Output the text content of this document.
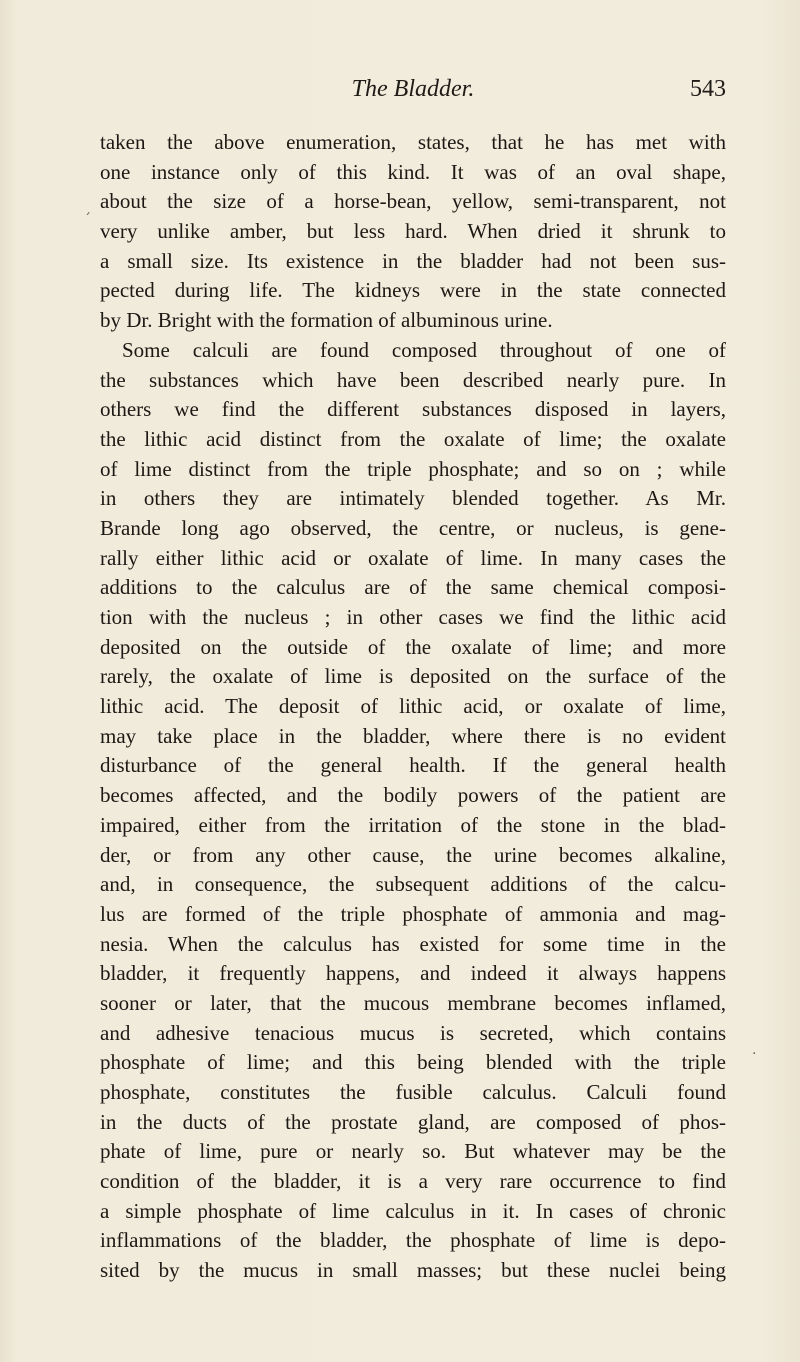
The Bladder.	543
ˊ
taken the above enumeration, states, that he has met with
one instance only of this kind. It was of an oval shape,
about the size of a horse-bean, yellow, semi-transparent, not
very unlike amber, but less hard. When dried it shrunk to
a small size. Its existence in the bladder had not been sus-
pected during life. The kidneys were in the state connected
by Dr. Bright with the formation of albuminous urine.
Some calculi are found composed throughout of one of
the substances which have been described nearly pure. In
others we find the different substances disposed in layers,
the lithic acid distinct from the oxalate of lime; the oxalate
of lime distinct from the triple phosphate; and so on ; while
in others they are intimately blended together. As Mr.
Brande long ago observed, the centre, or nucleus, is gene-
rally either lithic acid or oxalate of lime. In many cases the
additions to the calculus are of the same chemical composi-
tion with the nucleus ; in other cases we find the lithic acid
deposited on the outside of the oxalate of lime; and more
rarely, the oxalate of lime is deposited on the surface of the
lithic acid. The deposit of lithic acid, or oxalate of lime,
may take place in the bladder, where there is no evident
disturbance of the general health. If the general health
becomes affected, and the bodily powers of the patient are
impaired, either from the irritation of the stone in the blad-
der, or from any other cause, the urine becomes alkaline,
and, in consequence, the subsequent additions of the calcu-
lus are formed of the triple phosphate of ammonia and mag-
nesia. When the calculus has existed for some time in the
bladder, it frequently happens, and indeed it always happens
sooner or later, that the mucous membrane becomes inflamed,
and adhesive tenacious mucus is secreted, which contains
phosphate of lime; and this being blended with the triple
phosphate, constitutes the fusible calculus. Calculi found
in the ducts of the prostate gland, are composed of phos-
phate of lime, pure or nearly so. But whatever may be the
condition of the bladder, it is a very rare occurrence to find
a simple phosphate of lime calculus in it. In cases of chronic
inflammations of the bladder, the phosphate of lime is depo-
sited by the mucus in small masses; but these nuclei being
·
